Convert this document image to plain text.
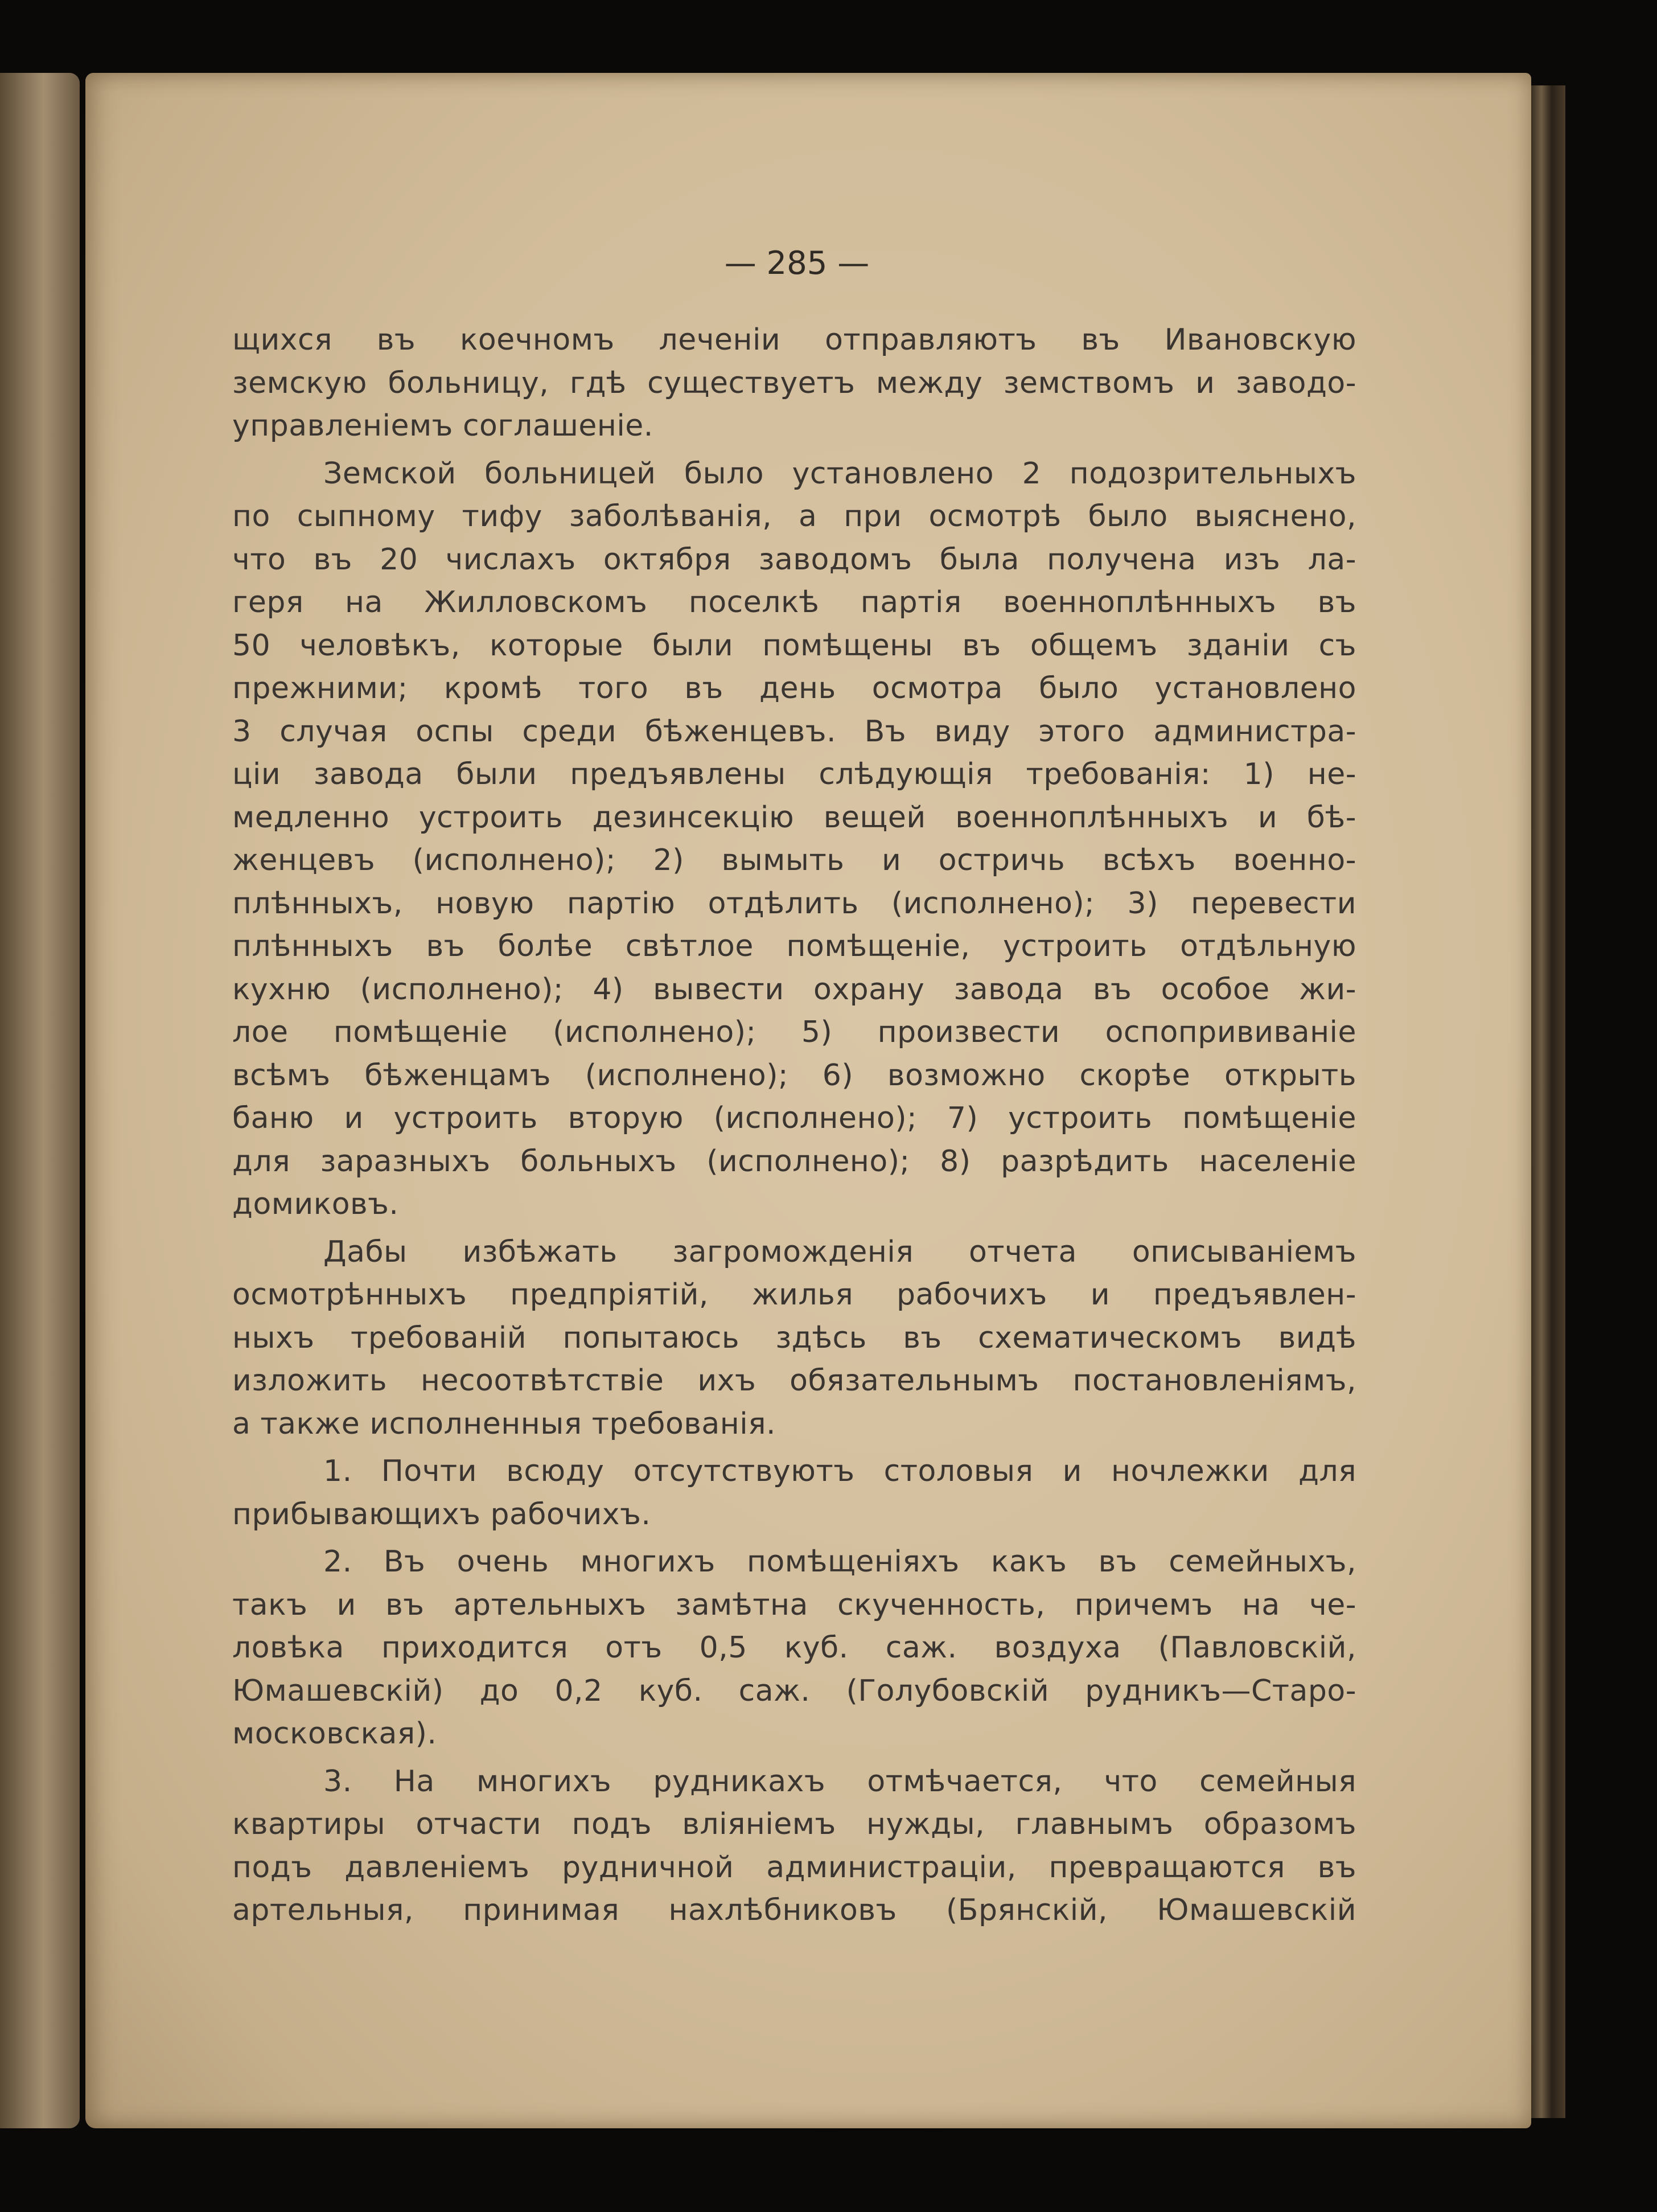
— 285 —
щихся въ коечномъ леченіи отправляютъ въ Ивановскую
земскую больницу, гдѣ существуетъ между земствомъ и заводо-
управленіемъ соглашеніе.
Земской больницей было установлено 2 подозрительныхъ
по сыпному тифу заболѣванія, а при осмотрѣ было выяснено,
что въ 20 числахъ октября заводомъ была получена изъ ла-
геря на Жилловскомъ поселкѣ партія военноплѣнныхъ въ
50 человѣкъ, которые были помѣщены въ общемъ зданіи съ
прежними; кромѣ того въ день осмотра было установлено
3 случая оспы среди бѣженцевъ. Въ виду этого администра-
ціи завода были предъявлены слѣдующія требованія: 1) не-
медленно устроить дезинсекцію вещей военноплѣнныхъ и бѣ-
женцевъ (исполнено); 2) вымыть и остричь всѣхъ военно-
плѣнныхъ, новую партію отдѣлить (исполнено); 3) перевести
плѣнныхъ въ болѣе свѣтлое помѣщеніе, устроить отдѣльную
кухню (исполнено); 4) вывести охрану завода въ особое жи-
лое помѣщеніе (исполнено); 5) произвести оспопрививаніе
всѣмъ бѣженцамъ (исполнено); 6) возможно скорѣе открыть
баню и устроить вторую (исполнено); 7) устроить помѣщеніе
для заразныхъ больныхъ (исполнено); 8) разрѣдить населеніе
домиковъ.
Дабы избѣжать загроможденія отчета описываніемъ
осмотрѣнныхъ предпріятій, жилья рабочихъ и предъявлен-
ныхъ требованій попытаюсь здѣсь въ схематическомъ видѣ
изложить несоотвѣтствіе ихъ обязательнымъ постановленіямъ,
а также исполненныя требованія.
1. Почти всюду отсутствуютъ столовыя и ночлежки для
прибывающихъ рабочихъ.
2. Въ очень многихъ помѣщеніяхъ какъ въ семейныхъ,
такъ и въ артельныхъ замѣтна скученность, причемъ на че-
ловѣка приходится отъ 0,5 куб. саж. воздуха (Павловскій,
Юмашевскій) до 0,2 куб. саж. (Голубовскій рудникъ—Старо-
московская).
3. На многихъ рудникахъ отмѣчается, что семейныя
квартиры отчасти подъ вліяніемъ нужды, главнымъ образомъ
подъ давленіемъ рудничной администраціи, превращаются въ
артельныя, принимая нахлѣбниковъ (Брянскій, Юмашевскій
